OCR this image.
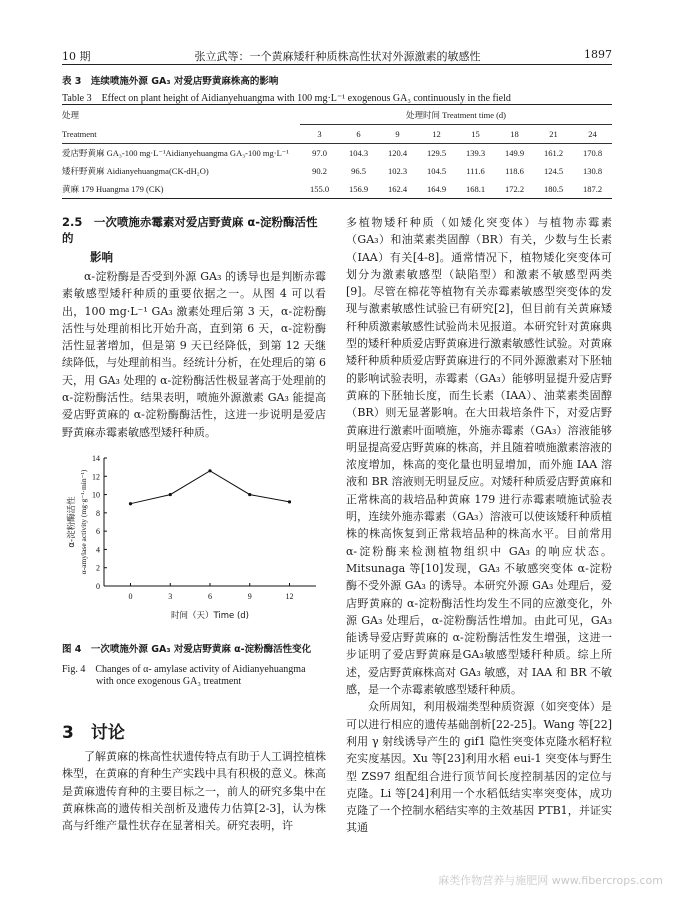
10 期	张立武等：一个黄麻矮秆种质株高性状对外源激素的敏感性	1897
表 3　连续喷施外源 GA₃ 对爱店野黄麻株高的影响
Table 3　Effect on plant height of Aidianyehuangma with 100 mg·L⁻¹ exogenous GA₃ continuously in the field
处理	处理时间 Treatment time (d)							
Treatment	3	6	9	12	15	18	21	24
爱店野黄麻 GA₃-100 mg·L⁻¹Aidianyehuangma GA₃-100 mg·L⁻¹	97.0	104.3	120.4	129.5	139.3	149.9	161.2	170.8
矮秆野黄麻 Aidianyehuangma(CK-dH₂O)	90.2	96.5	102.3	104.5	111.6	118.6	124.5	130.8
黄麻 179 Huangma 179 (CK)	155.0	156.9	162.4	164.9	168.1	172.2	180.5	187.2
2.5　一次喷施赤霉素对爱店野黄麻 α-淀粉酶活性的
影响

α-淀粉酶是否受到外源 GA₃ 的诱导也是判断赤霉素敏感型矮秆种质的重要依据之一。从图 4 可以看出，100 mg·L⁻¹ GA₃ 激素处理后第 3 天，α-淀粉酶活性与处理前相比开始升高，直到第 6 天，α-淀粉酶活性显著增加，但是第 9 天已经降低，到第 12 天继续降低，与处理前相当。经统计分析，在处理后的第 6 天，用 GA₃ 处理的 α-淀粉酶活性极显著高于处理前的 α-淀粉酶活性。结果表明，喷施外源激素 GA₃ 能提高爱店野黄麻的 α-淀粉酶酶活性，这进一步说明是爱店野黄麻赤霉素敏感型矮秆种质。

0
2
4
6
8
10
12
14
0	3	6	9	12
α-淀粉酶活性 α-amylase activity (mg·g⁻¹·min⁻¹)
时间（天）Time (d)
图 4　一次喷施外源 GA₃ 对爱店野黄麻 α-淀粉酶活性变化
Fig. 4　Changes of α- amylase activity of Aidianyehuangma
with once exogenous GA₃ treatment
3　讨论

了解黄麻的株高性状遗传特点有助于人工调控植株株型，在黄麻的育种生产实践中具有积极的意义。株高是黄麻遗传育种的主要目标之一，前人的研究多集中在黄麻株高的遗传相关剖析及遗传力估算[2-3]，认为株高与纤维产量性状存在显著相关。研究表明，许

多植物矮秆种质（如矮化突变体）与植物赤霉素（GA₃）和油菜素类固醇（BR）有关，少数与生长素（IAA）有关[4-8]。通常情况下，植物矮化突变体可划分为激素敏感型（缺陷型）和激素不敏感型两类[9]。尽管在棉花等植物有关赤霉素敏感型突变体的发现与激素敏感性试验已有研究[2]，但目前有关黄麻矮秆种质激素敏感性试验尚未见报道。本研究针对黄麻典型的矮秆种质爱店野黄麻进行激素敏感性试验。对黄麻矮秆种质种质爱店野黄麻进行的不同外源激素对下胚轴的影响试验表明，赤霉素（GA₃）能够明显提升爱店野黄麻的下胚轴长度，而生长素（IAA）、油菜素类固醇（BR）则无显著影响。在大田栽培条件下，对爱店野黄麻进行激素叶面喷施，外施赤霉素（GA₃）溶液能够明显提高爱店野黄麻的株高，并且随着喷施激素溶液的浓度增加，株高的变化量也明显增加，而外施 IAA 溶液和 BR 溶液则无明显反应。对矮秆种质爱店野黄麻和正常株高的栽培品种黄麻 179 进行赤霉素喷施试验表明，连续外施赤霉素（GA₃）溶液可以使该矮秆种质植株的株高恢复到正常栽培品种的株高水平。目前常用 α-淀粉酶来检测植物组织中 GA₃ 的响应状态。Mitsunaga 等[10]发现，GA₃ 不敏感突变体 α-淀粉酶不受外源 GA₃ 的诱导。本研究外源 GA₃ 处理后，爱店野黄麻的 α-淀粉酶活性均发生不同的应激变化，外源 GA₃ 处理后，α-淀粉酶活性增加。由此可见，GA₃ 能诱导爱店野黄麻的 α-淀粉酶活性发生增强，这进一步证明了爱店野黄麻是GA₃敏感型矮秆种质。综上所述，爱店野黄麻株高对 GA₃ 敏感，对 IAA 和 BR 不敏感，是一个赤霉素敏感型矮秆种质。

众所周知，利用极端类型种质资源（如突变体）是可以进行相应的遗传基础剖析[22-25]。Wang 等[22]利用 γ 射线诱导产生的 gif1 隐性突变体克隆水稻籽粒充实度基因。Xu 等[23]利用水稻 eui-1 突变体与野生型 ZS97 组配组合进行顶节间长度控制基因的定位与克隆。Li 等[24]利用一个水稻低结实率突变体，成功克隆了一个控制水稻结实率的主效基因 PTB1，并证实其通

麻类作物营养与施肥网 www.fibercrops.com
